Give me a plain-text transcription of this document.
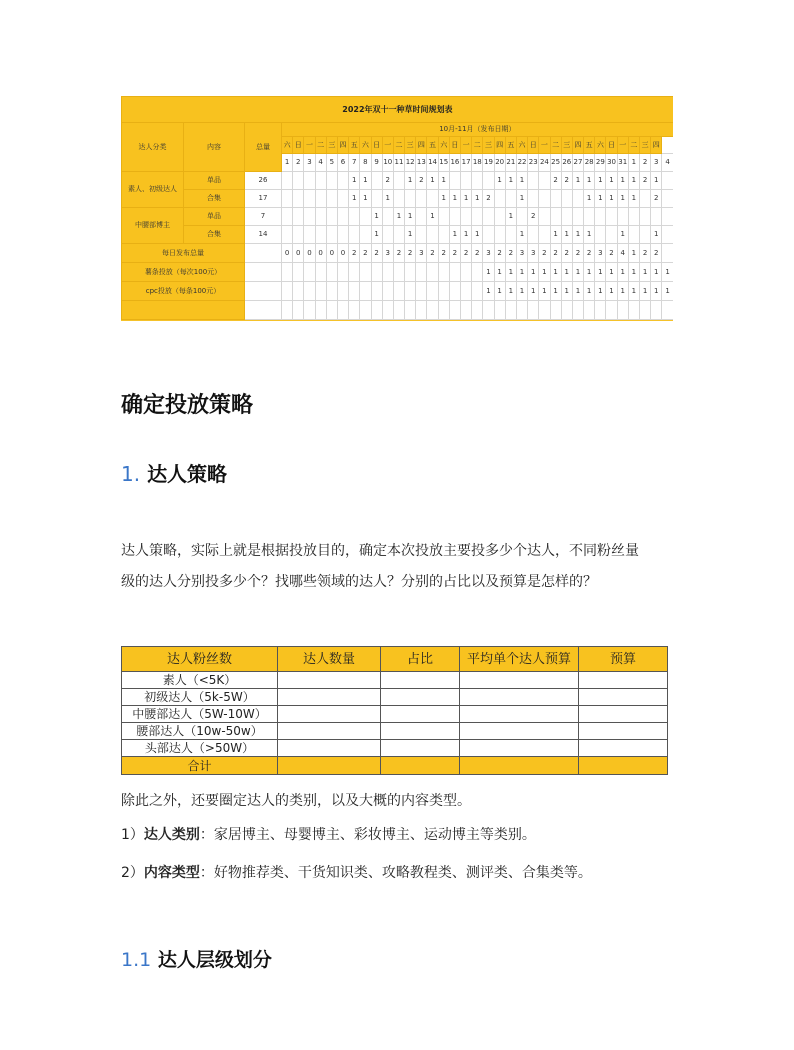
2022年双十一种草时间规划表																																						
达人分类	内容	总量	10月-11月（发布日期）																																			
			六	日	一	二	三	四	五	六	日	一	二	三	四	五	六	日	一	二	三	四	五	六	日	一	二	三	四	五	六	日	一	二	三	四		
			1	2	3	4	5	6	7	8	9	10	11	12	13	14	15	16	17	18	19	20	21	22	23	24	25	26	27	28	29	30	31	1	2	3	4	
素人、初级达人	单品	26							1	1		2		1	2	1	1					1	1	1			2	2	1	1	1	1	1	1	2	1		
	合集	17							1	1		1					1	1	1	1	2			1						1	1	1	1	1		2		
中腰部博主	单品	7									1		1	1		1							1		2													
	合集	14									1			1				1	1	1				1			1	1	1	1			1			1		
每日发布总量			0	0	0	0	0	0	2	2	2	3	2	2	3	2	2	2	2	2	3	2	2	3	3	2	2	2	2	2	3	2	4	1	2	2		
薯条投放（每次100元）																					1	1	1	1	1	1	1	1	1	1	1	1	1	1	1	1	1	
cpc投放（每条100元）																					1	1	1	1	1	1	1	1	1	1	1	1	1	1	1	1	1	

确定投放策略
1. 达人策略
达人策略，实际上就是根据投放目的，确定本次投放主要投多少个达人，不同粉丝量
级的达人分别投多少个？找哪些领域的达人？分别的占比以及预算是怎样的？
达人粉丝数	达人数量	占比	平均单个达人预算	预算
素人（<5K）				
初级达人（5k-5W）				
中腰部达人（5W-10W）				
腰部达人（10w-50w）				
头部达人（>50W）				
合计				
除此之外，还要圈定达人的类别，以及大概的内容类型。
1）达人类别：家居博主、母婴博主、彩妆博主、运动博主等类别。
2）内容类型：好物推荐类、干货知识类、攻略教程类、测评类、合集类等。
1.1 达人层级划分
